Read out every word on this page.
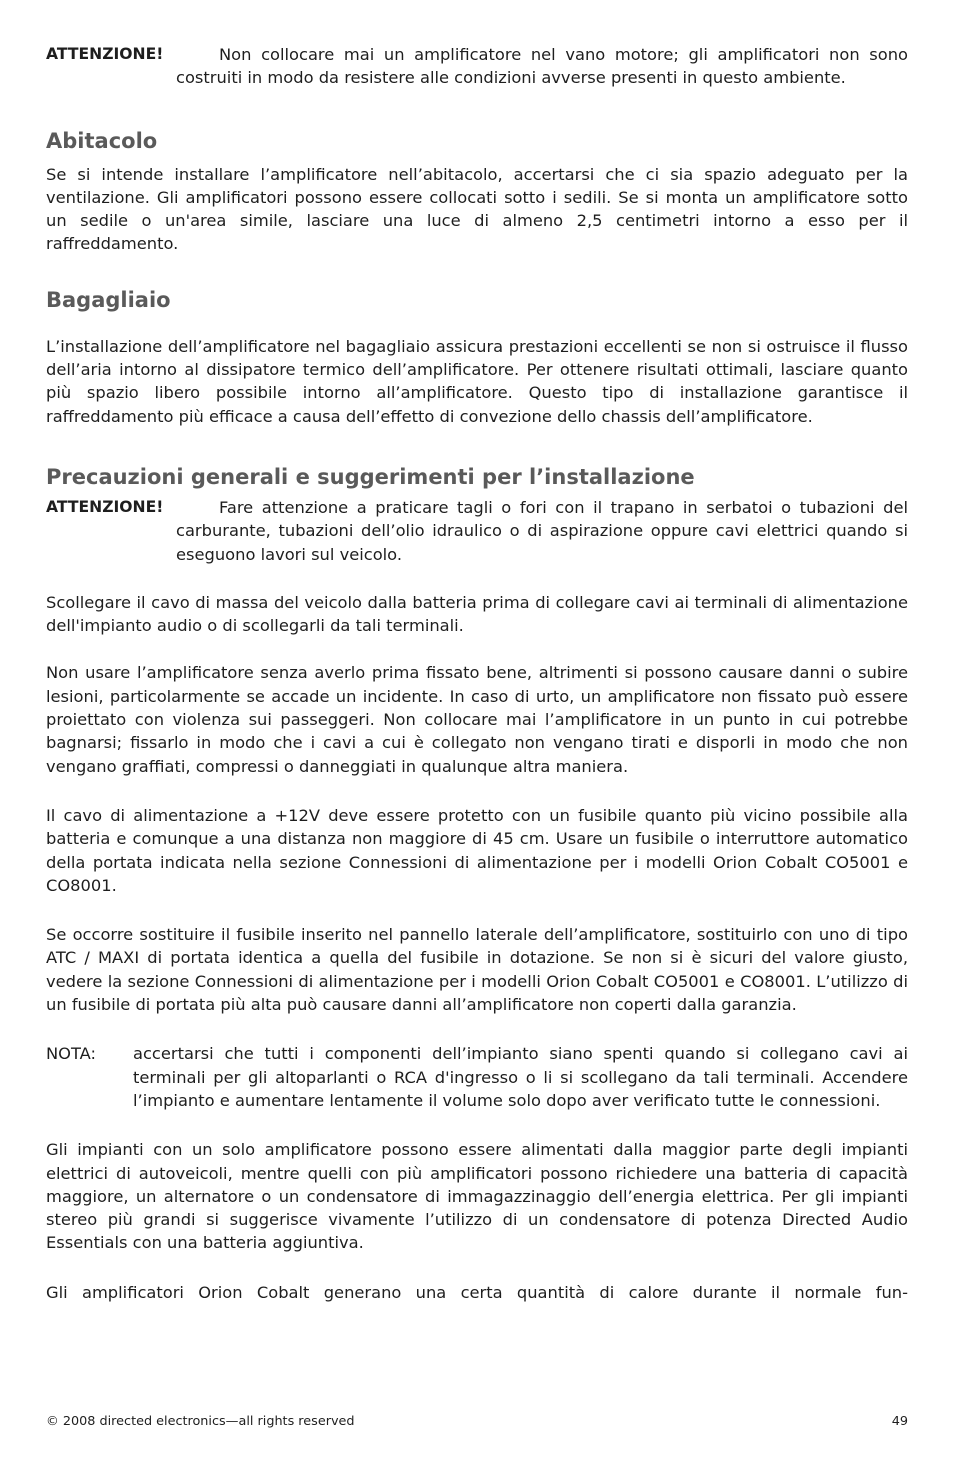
ATTENZIONE!	Non collocare mai un amplificatore nel vano motore; gli amplificatori non sono costruiti in modo da resistere alle condizioni avverse presenti in questo ambiente.

Abitacolo

Se si intende installare l’amplificatore nell’abitacolo, accertarsi che ci sia spazio adeguato per la ventilazione. Gli amplificatori possono essere collocati sotto i sedili. Se si monta un amplificatore sotto un sedile o un'area simile, lasciare una luce di almeno 2,5 centimetri intorno a esso per il raffreddamento.

Bagagliaio

L’installazione dell’amplificatore nel bagagliaio assicura prestazioni eccellenti se non si ostruisce il flusso dell’aria intorno al dissipatore termico dell’amplificatore. Per ottenere risultati ottimali, lasciare quanto più spazio libero possibile intorno all’amplificatore. Questo tipo di installazione garantisce il raffreddamento più efficace a causa dell’effetto di convezione dello chassis dell’amplificatore.

Precauzioni generali e suggerimenti per l’installazione
ATTENZIONE!	Fare attenzione a praticare tagli o fori con il trapano in serbatoi o tubazioni del carburante, tubazioni dell’olio idraulico o di aspirazione oppure cavi elettrici quando si eseguono lavori sul veicolo.

Scollegare il cavo di massa del veicolo dalla batteria prima di collegare cavi ai terminali di alimentazione dell'impianto audio o di scollegarli da tali terminali.

Non usare l’amplificatore senza averlo prima fissato bene, altrimenti si possono causare danni o subire lesioni, particolarmente se accade un incidente. In caso di urto, un amplificatore non fissato può essere proiettato con violenza sui passeggeri. Non collocare mai l’amplificatore in un punto in cui potrebbe bagnarsi; fissarlo in modo che i cavi a cui è collegato non vengano tirati e disporli in modo che non vengano graffiati, compressi o danneggiati in qualunque altra maniera.

Il cavo di alimentazione a +12V deve essere protetto con un fusibile quanto più vicino possibile alla batteria e comunque a una distanza non maggiore di 45 cm. Usare un fusibile o interruttore automatico della portata indicata nella sezione Connessioni di alimentazione per i modelli Orion Cobalt CO5001 e CO8001.

Se occorre sostituire il fusibile inserito nel pannello laterale dell’amplificatore, sostituirlo con uno di tipo ATC / MAXI di portata identica a quella del fusibile in dotazione. Se non si è sicuri del valore giusto, vedere la sezione Connessioni di alimentazione per i modelli Orion Cobalt CO5001 e CO8001. L’utilizzo di un fusibile di portata più alta può causare danni all’amplificatore non coperti dalla garanzia.

NOTA: accertarsi che tutti i componenti dell’impianto siano spenti quando si collegano cavi ai terminali per gli altoparlanti o RCA d'ingresso o li si scollegano da tali terminali. Accendere l’impianto e aumentare lentamente il volume solo dopo aver verificato tutte le connessioni.

Gli impianti con un solo amplificatore possono essere alimentati dalla maggior parte degli impianti elettrici di autoveicoli, mentre quelli con più amplificatori possono richiedere una batteria di capacità maggiore, un alternatore o un condensatore di immagazzinaggio dell’energia elettrica. Per gli impianti stereo più grandi si suggerisce vivamente l’utilizzo di un condensatore di potenza Directed Audio Essentials con una batteria aggiuntiva.

Gli amplificatori Orion Cobalt generano una certa quantità di calore durante il normale fun-

© 2008 directed electronics—all rights reserved	49
